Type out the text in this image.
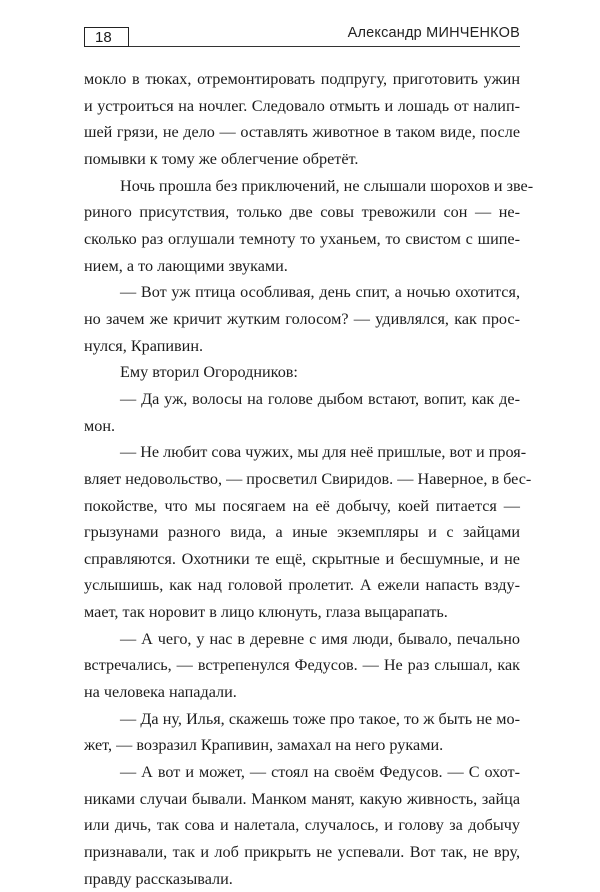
18	Александр МИНЧЕНКОВ

мокло в тюках, отремонтировать подпругу, приготовить ужин

и устроиться на ночлег. Следовало отмыть и лошадь от налип-

шей грязи, не дело — оставлять животное в таком виде, после

помывки к тому же облегчение обретёт.

Ночь прошла без приключений, не слышали шорохов и зве-

риного присутствия, только две совы тревожили сон — не-

сколько раз оглушали темноту то уханьем, то свистом с шипе-

нием, а то лающими звуками.

— Вот уж птица особливая, день спит, а ночью охотится,

но зачем же кричит жутким голосом? — удивлялся, как прос-

нулся, Крапивин.

Ему вторил Огородников:

— Да уж, волосы на голове дыбом встают, вопит, как де-

мон.

— Не любит сова чужих, мы для неё пришлые, вот и проя-

вляет недовольство, — просветил Свиридов. — Наверное, в бес-

покойстве, что мы посягаем на её добычу, коей питается —

грызунами разного вида, а иные экземпляры и с зайцами

справляются. Охотники те ещё, скрытные и бесшумные, и не

услышишь, как над головой пролетит. А ежели напасть взду-

мает, так норовит в лицо клюнуть, глаза выцарапать.

— А чего, у нас в деревне с имя люди, бывало, печально

встречались, — встрепенулся Федусов. — Не раз слышал, как

на человека нападали.

— Да ну, Илья, скажешь тоже про такое, то ж быть не мо-

жет, — возразил Крапивин, замахал на него руками.

— А вот и может, — стоял на своём Федусов. — С охот-

никами случаи бывали. Манком манят, какую живность, зайца

или дичь, так сова и налетала, случалось, и голову за добычу

признавали, так и лоб прикрыть не успевали. Вот так, не вру,

правду рассказывали.
